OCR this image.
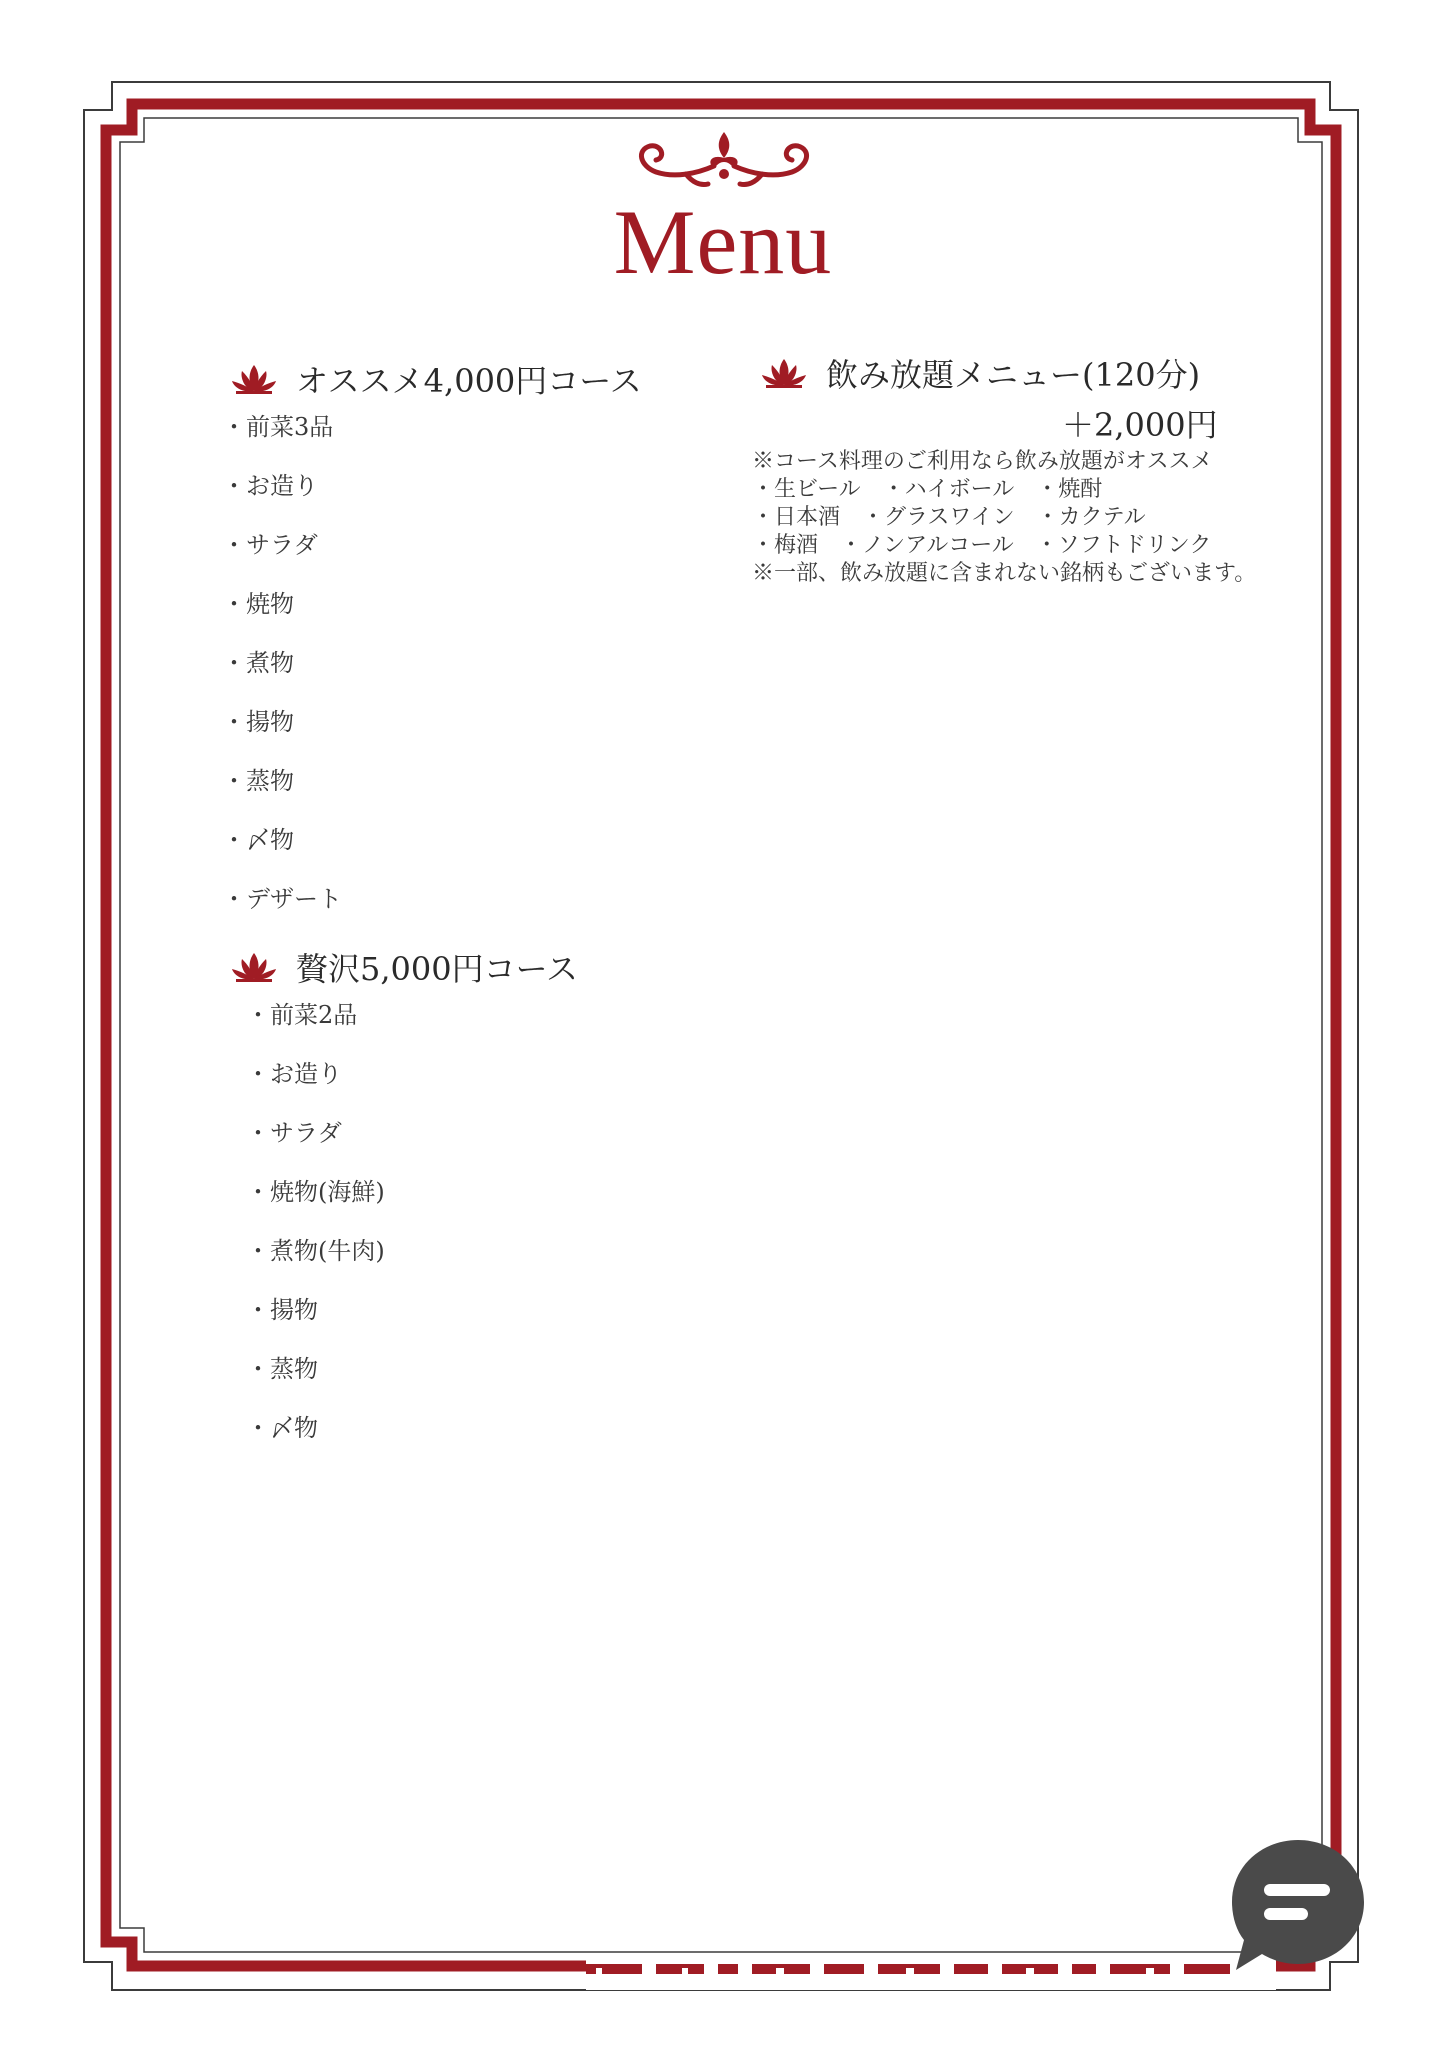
Menu
オススメ4,000円コース
・前菜3品
・お造り
・サラダ
・焼物
・煮物
・揚物
・蒸物
・〆物
・デザート
贅沢5,000円コース
・前菜2品
・お造り
・サラダ
・焼物(海鮮)
・煮物(牛肉)
・揚物
・蒸物
・〆物
飲み放題メニュー(120分)
＋2,000円
※コース料理のご利用なら飲み放題がオススメ
・生ビール　・ハイボール　・焼酎
・日本酒　・グラスワイン　・カクテル
・梅酒　・ノンアルコール　・ソフトドリンク
※一部、飲み放題に含まれない銘柄もございます。
